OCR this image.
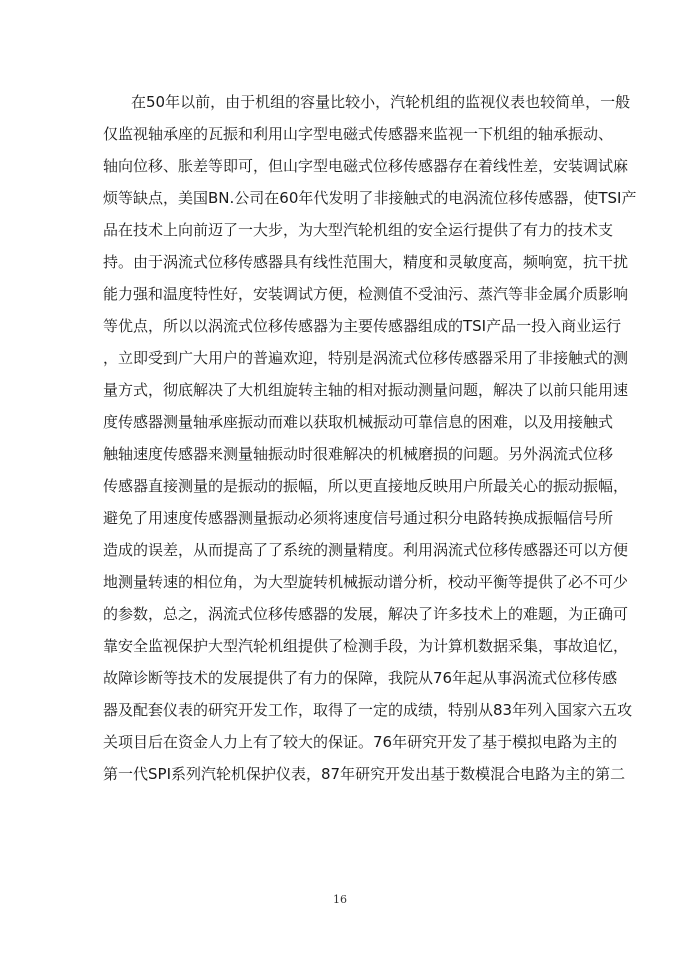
在50年以前，由于机组的容量比较小，汽轮机组的监视仪表也较简单，一般
仅监视轴承座的瓦振和利用山字型电磁式传感器来监视一下机组的轴承振动、
轴向位移、胀差等即可，但山字型电磁式位移传感器存在着线性差，安装调试麻
烦等缺点，美国BN.公司在60年代发明了非接触式的电涡流位移传感器，使TSI产
品在技术上向前迈了一大步，为大型汽轮机组的安全运行提供了有力的技术支
持。由于涡流式位移传感器具有线性范围大，精度和灵敏度高，频响宽，抗干扰
能力强和温度特性好，安装调试方便，检测值不受油污、蒸汽等非金属介质影响
等优点，所以以涡流式位移传感器为主要传感器组成的TSI产品一投入商业运行
，立即受到广大用户的普遍欢迎，特别是涡流式位移传感器采用了非接触式的测
量方式，彻底解决了大机组旋转主轴的相对振动测量问题，解决了以前只能用速
度传感器测量轴承座振动而难以获取机械振动可靠信息的困难，以及用接触式
触轴速度传感器来测量轴振动时很难解决的机械磨损的问题。另外涡流式位移
传感器直接测量的是振动的振幅，所以更直接地反映用户所最关心的振动振幅，
避免了用速度传感器测量振动必须将速度信号通过积分电路转换成振幅信号所
造成的误差，从而提高了了系统的测量精度。利用涡流式位移传感器还可以方便
地测量转速的相位角，为大型旋转机械振动谱分析，校动平衡等提供了必不可少
的参数，总之，涡流式位移传感器的发展，解决了许多技术上的难题，为正确可
靠安全监视保护大型汽轮机组提供了检测手段，为计算机数据采集，事故追忆，
故障诊断等技术的发展提供了有力的保障，我院从76年起从事涡流式位移传感
器及配套仪表的研究开发工作，取得了一定的成绩，特别从83年列入国家六五攻
关项目后在资金人力上有了较大的保证。76年研究开发了基于模拟电路为主的
第一代SPI系列汽轮机保护仪表，87年研究开发出基于数模混合电路为主的第二
16
